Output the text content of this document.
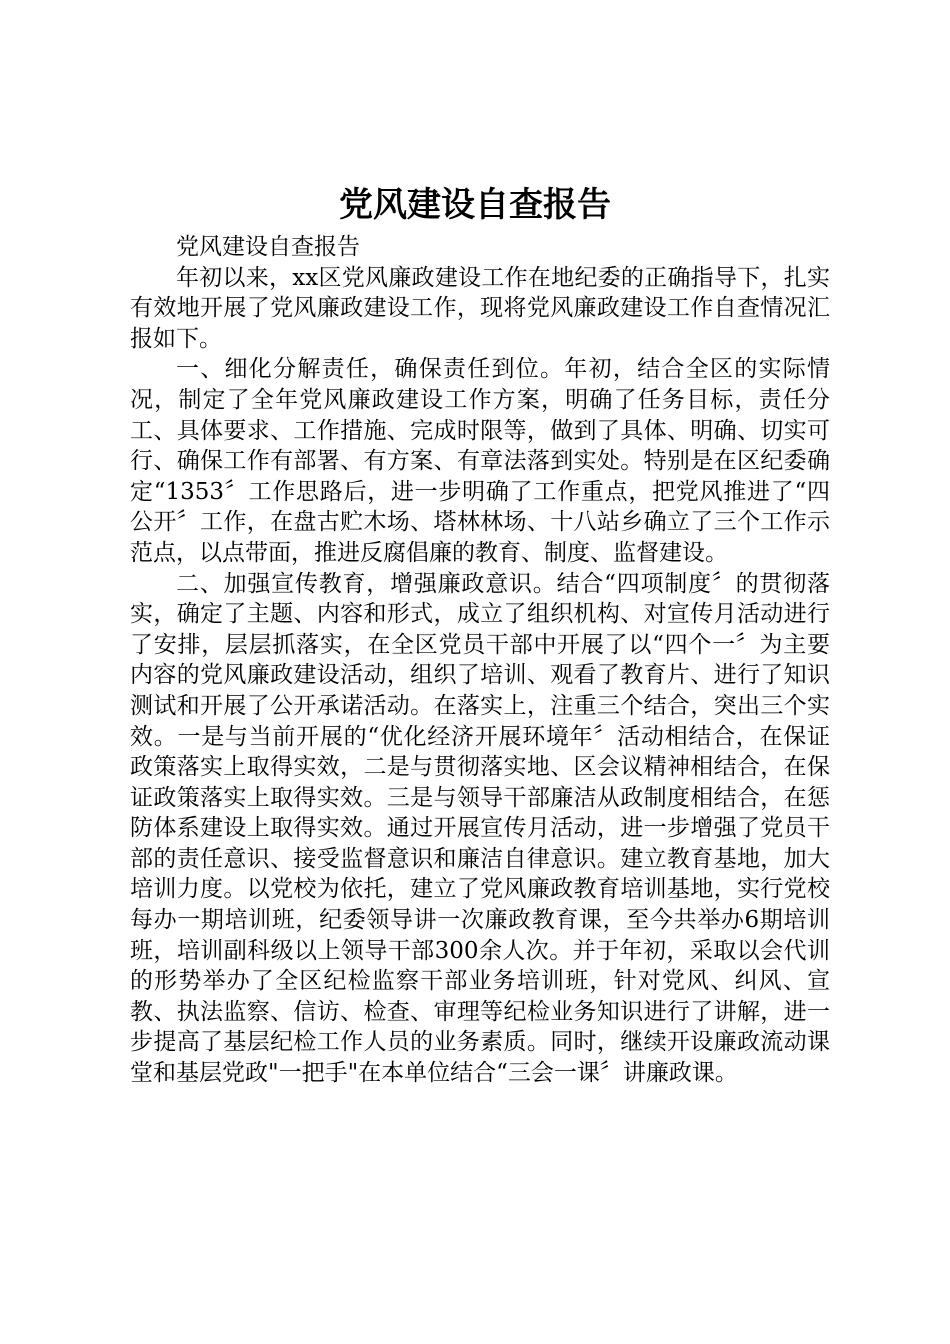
党风建设自查报告

党风建设自查报告

年初以来，xx区党风廉政建设工作在地纪委的正确指导下，扎实有效地开展了党风廉政建设工作，现将党风廉政建设工作自查情况汇报如下。

一、细化分解责任，确保责任到位。年初，结合全区的实际情况，制定了全年党风廉政建设工作方案，明确了任务目标，责任分工、具体要求、工作措施、完成时限等，做到了具体、明确、切实可行、确保工作有部署、有方案、有章法落到实处。特别是在区纪委确定“1353〞工作思路后，进一步明确了工作重点，把党风推进了“四公开〞工作，在盘古贮木场、塔林林场、十八站乡确立了三个工作示范点，以点带面，推进反腐倡廉的教育、制度、监督建设。

二、加强宣传教育，增强廉政意识。结合“四项制度〞的贯彻落实，确定了主题、内容和形式，成立了组织机构、对宣传月活动进行了安排，层层抓落实，在全区党员干部中开展了以“四个一〞为主要内容的党风廉政建设活动，组织了培训、观看了教育片、进行了知识测试和开展了公开承诺活动。在落实上，注重三个结合，突出三个实效。一是与当前开展的“优化经济开展环境年〞活动相结合，在保证政策落实上取得实效，二是与贯彻落实地、区会议精神相结合，在保证政策落实上取得实效。三是与领导干部廉洁从政制度相结合，在惩防体系建设上取得实效。通过开展宣传月活动，进一步增强了党员干部的责任意识、接受监督意识和廉洁自律意识。建立教育基地，加大培训力度。以党校为依托，建立了党风廉政教育培训基地，实行党校每办一期培训班，纪委领导讲一次廉政教育课，至今共举办6期培训班，培训副科级以上领导干部300余人次。并于年初，采取以会代训的形势举办了全区纪检监察干部业务培训班，针对党风、纠风、宣教、执法监察、信访、检查、审理等纪检业务知识进行了讲解，进一步提高了基层纪检工作人员的业务素质。同时，继续开设廉政流动课堂和基层党政"一把手"在本单位结合“三会一课〞讲廉政课。
